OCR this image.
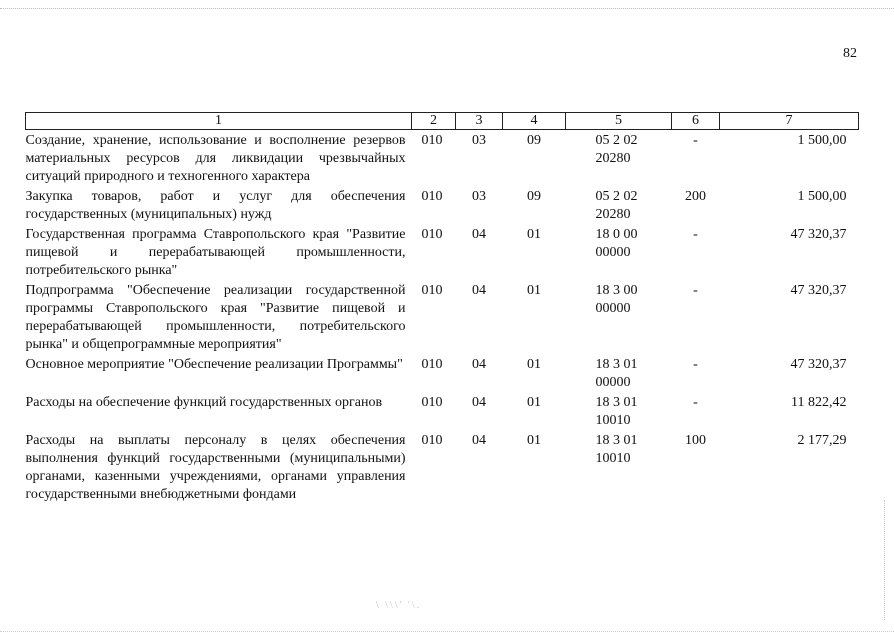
82
1	2	3	4	5	6	7
Создание, хранение, использование и восполнение резервов материальных ресурсов для ликвидации чрезвычайных ситуаций природного и техногенного характера	010	03	09	05 2 02 20280	-	1 500,00
Закупка товаров, работ и услуг для обеспечения государственных (муниципальных) нужд	010	03	09	05 2 02 20280	200	1 500,00
Государственная программа Ставропольского края "Развитие пищевой и перерабатывающей промышленности, потребительского рынка"	010	04	01	18 0 00 00000	-	47 320,37
Подпрограмма "Обеспечение реализации государственной программы Ставропольского края "Развитие пищевой и перерабатывающей промышленности, потребительского рынка" и общепрограммные мероприятия"	010	04	01	18 3 00 00000	-	47 320,37
Основное мероприятие "Обеспечение реализации Программы"	010	04	01	18 3 01 00000	-	47 320,37
Расходы на обеспечение функций государственных органов	010	04	01	18 3 01 10010	-	11 822,42
Расходы на выплаты персоналу в целях обеспечения выполнения функций государственными (муниципальными) органами, казенными учреждениями, органами управления государственными внебюджетными фондами	010	04	01	18 3 01 10010	100	2 177,29
\ \\\' '\.
